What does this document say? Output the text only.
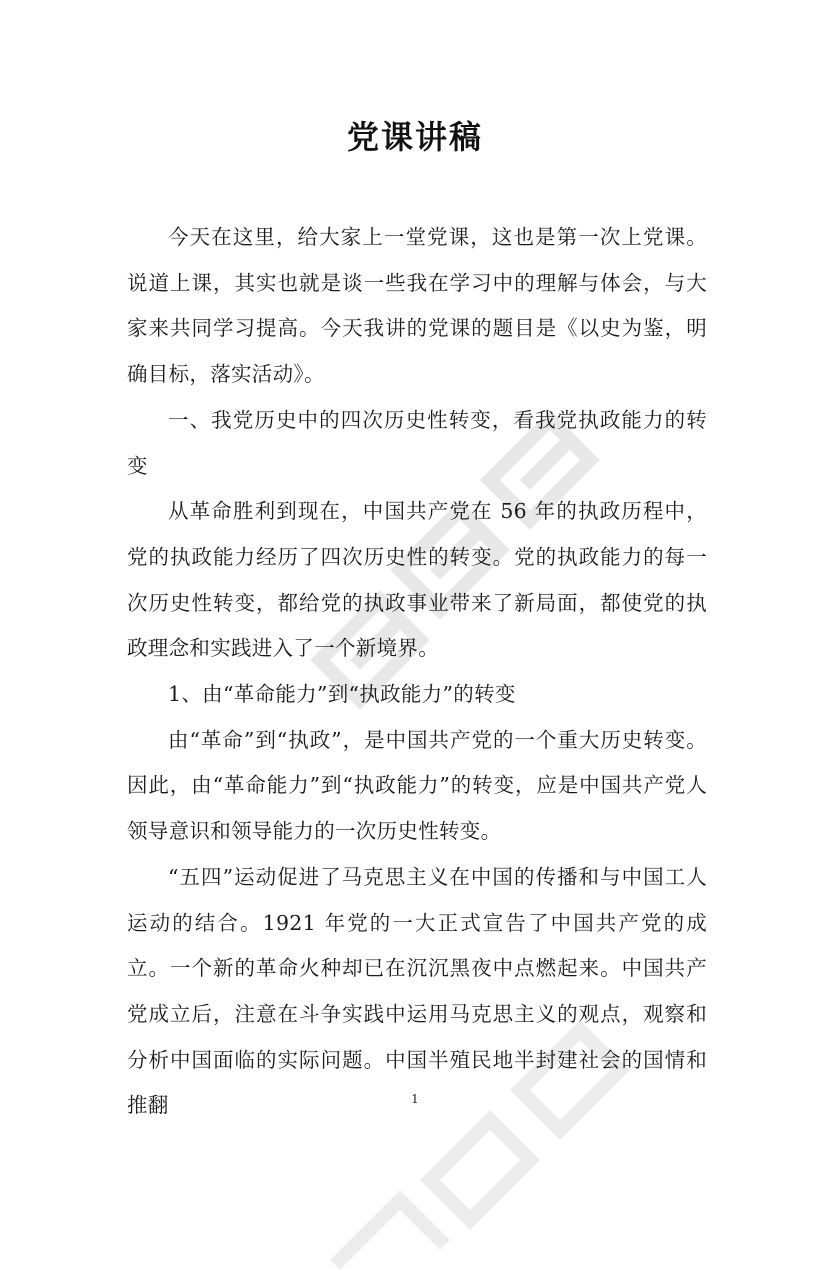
党课讲稿

今天在这里，给大家上一堂党课，这也是第一次上党课。说道上课，其实也就是谈一些我在学习中的理解与体会，与大家来共同学习提高。今天我讲的党课的题目是《以史为鉴，明确目标，落实活动》。

一、我党历史中的四次历史性转变，看我党执政能力的转变

从革命胜利到现在，中国共产党在 56 年的执政历程中，党的执政能力经历了四次历史性的转变。党的执政能力的每一次历史性转变，都给党的执政事业带来了新局面，都使党的执政理念和实践进入了一个新境界。

1、由“革命能力”到“执政能力”的转变

由“革命”到“执政”，是中国共产党的一个重大历史转变。因此，由“革命能力”到“执政能力”的转变，应是中国共产党人领导意识和领导能力的一次历史性转变。

“五四”运动促进了马克思主义在中国的传播和与中国工人运动的结合。1921 年党的一大正式宣告了中国共产党的成立。一个新的革命火种却已在沉沉黑夜中点燃起来。中国共产党成立后，注意在斗争实践中运用马克思主义的观点，观察和分析中国面临的实际问题。中国半殖民地半封建社会的国情和推翻	1
